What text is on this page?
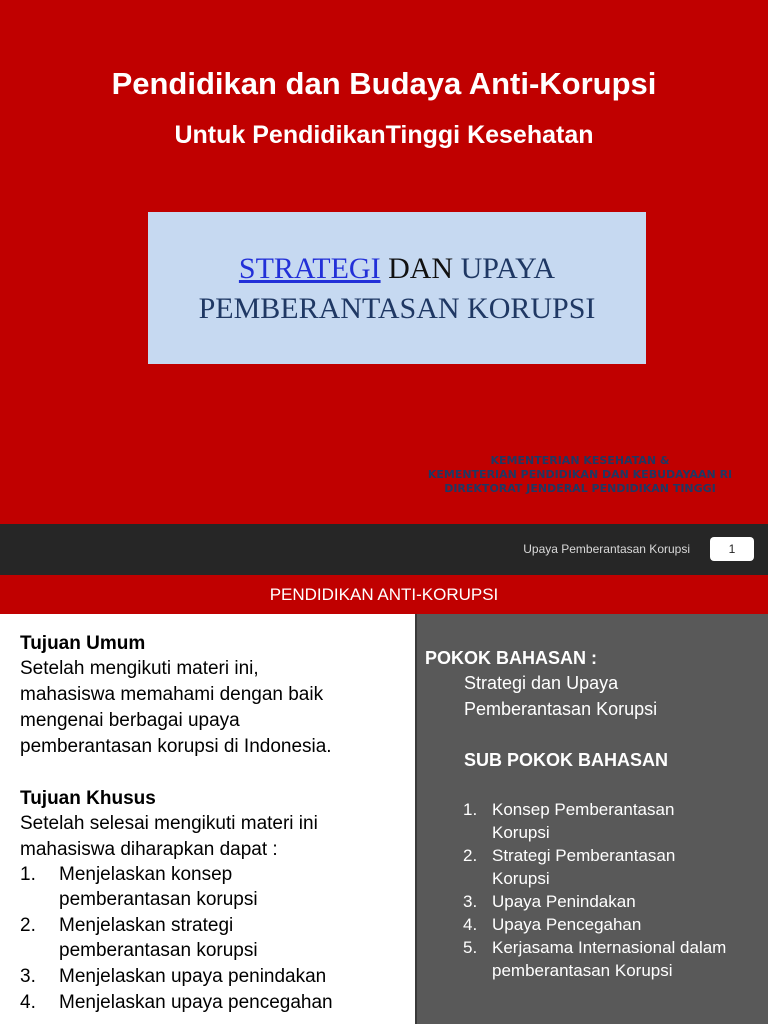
Pendidikan dan Budaya Anti-Korupsi
Untuk PendidikanTinggi Kesehatan
STRATEGI DAN UPAYA
PEMBERANTASAN KORUPSI
KEMENTERIAN KESEHATAN &
KEMENTERIAN PENDIDIKAN DAN KEBUDAYAAN RI
DIREKTORAT JENDERAL PENDIDIKAN TINGGI
Upaya Pemberantasan Korupsi	1
PENDIDIKAN ANTI-KORUPSI
Tujuan Umum
Setelah mengikuti materi ini,
mahasiswa memahami dengan baik
mengenai berbagai upaya
pemberantasan korupsi di Indonesia.
Tujuan Khusus
Setelah selesai mengikuti materi ini
mahasiswa diharapkan dapat :
1. Menjelaskan konsep
pemberantasan korupsi
2. Menjelaskan strategi
pemberantasan korupsi
3. Menjelaskan upaya penindakan
4. Menjelaskan upaya pencegahan
POKOK BAHASAN :
Strategi dan Upaya
Pemberantasan Korupsi
SUB POKOK BAHASAN
1. Konsep Pemberantasan
Korupsi
2. Strategi Pemberantasan
Korupsi
3. Upaya Penindakan
4. Upaya Pencegahan
5. Kerjasama Internasional dalam
pemberantasan Korupsi
